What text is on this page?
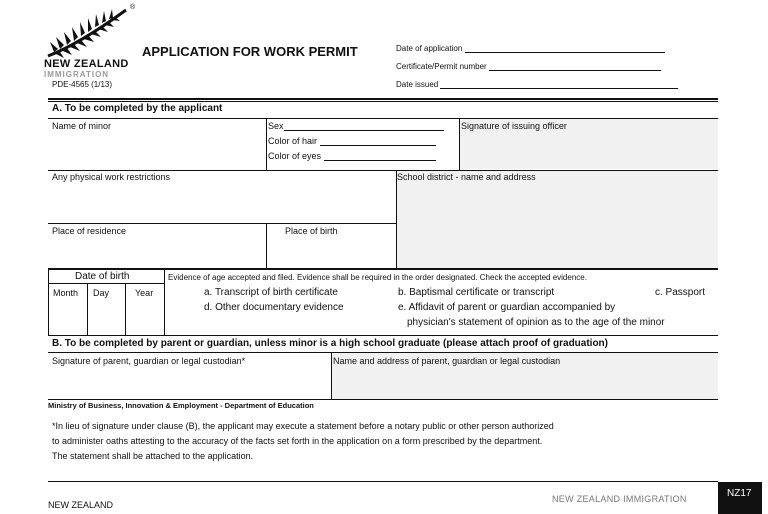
®
NEW ZEALAND
IMMIGRATION
PDE-4565 (1/13)
APPLICATION FOR WORK PERMIT	Date of application
Certificate/Permit number
Date issued
A. To be completed by the applicant
Name of minor	Sex
Color of hair
Color of eyes
Signature of issuing officer
Any physical work restrictions	School district - name and address
Place of residence	Place of birth
Date of birth
Month Day	Year
Evidence of age accepted and filed. Evidence shall be required in the order designated. Check the accepted evidence.
a. Transcript of birth certificate	b. Baptismal certificate or transcript	c. Passport
d. Other documentary evidence	e. Affidavit of parent or guardian accompanied by
physician's statement of opinion as to the age of the minor
B. To be completed by parent or guardian, unless minor is a high school graduate (please attach proof of graduation)
Signature of parent, guardian or legal custodian*	Name and address of parent, guardian or legal custodian
Ministry of Business, Innovation & Employment - Department of Education
*In lieu of signature under clause (B), the applicant may execute a statement before a notary public or other person authorized
to administer oaths attesting to the accuracy of the facts set forth in the application on a form prescribed by the department.
The statement shall be attached to the application.
NEW ZEALAND
NEW ZEALAND IMMIGRATION	NZ17
